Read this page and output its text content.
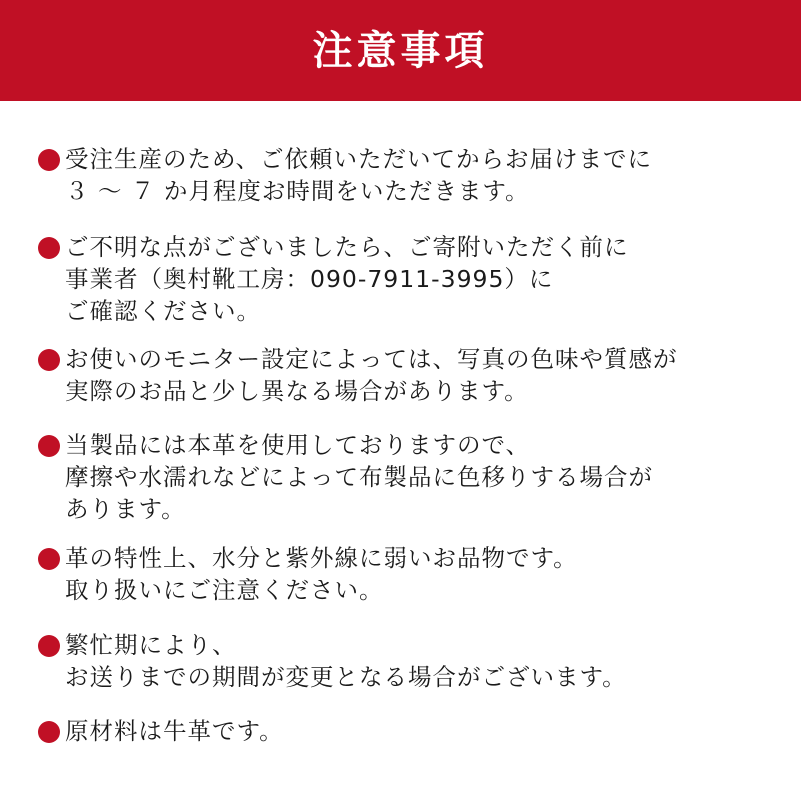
注意事項
受注生産のため、ご依頼いただいてからお届けまでに
３ ～ ７ か月程度お時間をいただきます。
ご不明な点がございましたら、ご寄附いただく前に
事業者（奥村靴工房：090-7911-3995）に
ご確認ください。
お使いのモニター設定によっては、写真の色味や質感が
実際のお品と少し異なる場合があります。
当製品には本革を使用しておりますので、
摩擦や水濡れなどによって布製品に色移りする場合が
あります。
革の特性上、水分と紫外線に弱いお品物です。
取り扱いにご注意ください。
繁忙期により、
お送りまでの期間が変更となる場合がございます。
原材料は牛革です。
